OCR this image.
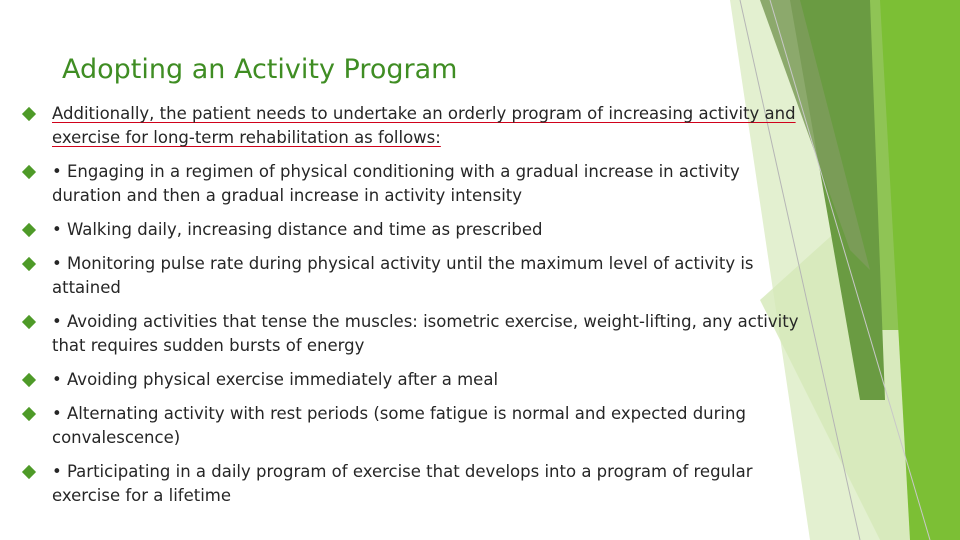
Adopting an Activity Program
Additionally, the patient needs to undertake an orderly program of increasing activity and exercise for long-term rehabilitation as follows:
• Engaging in a regimen of physical conditioning with a gradual increase in activity duration and then a gradual increase in activity intensity
• Walking daily, increasing distance and time as prescribed
• Monitoring pulse rate during physical activity until the maximum level of activity is attained
• Avoiding activities that tense the muscles: isometric exercise, weight-lifting, any activity that requires sudden bursts of energy
• Avoiding physical exercise immediately after a meal
• Alternating activity with rest periods (some fatigue is normal and expected during convalescence)
• Participating in a daily program of exercise that develops into a program of regular exercise for a lifetime
